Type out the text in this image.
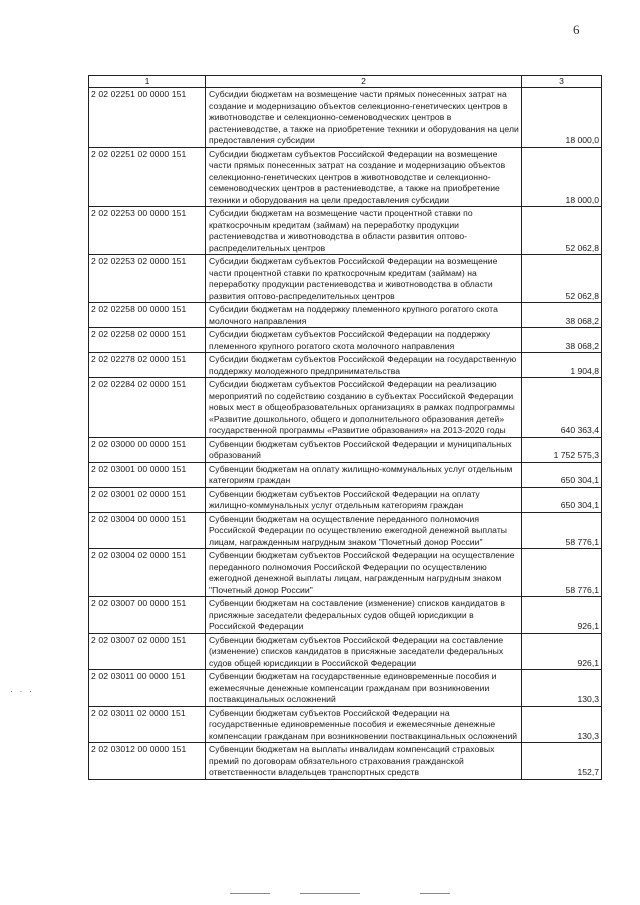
6
1	2	3
2 02 02251 00 0000 151	Субсидии бюджетам на возмещение части прямых понесенных затрат на создание и модернизацию объектов селекционно-генетических центров в животноводстве и селекционно-семеноводческих центров в растениеводстве, а также на приобретение техники и оборудования на цели предоставления субсидии	18 000,0
2 02 02251 02 0000 151	Субсидии бюджетам субъектов Российской Федерации на возмещение части прямых понесенных затрат на создание и модернизацию объектов селекционно-генетических центров в животноводстве и селекционно-семеноводческих центров в растениеводстве, а также на приобретение техники и оборудования на цели предоставления субсидии	18 000,0
2 02 02253 00 0000 151	Субсидии бюджетам на возмещение части процентной ставки по краткосрочным кредитам (займам) на переработку продукции растениеводства и животноводства в области развития оптово-распределительных центров	52 062,8
2 02 02253 02 0000 151	Субсидии бюджетам субъектов Российской Федерации на возмещение части процентной ставки по краткосрочным кредитам (займам) на переработку продукции растениеводства и животноводства в области развития оптово-распределительных центров	52 062,8
2 02 02258 00 0000 151	Субсидии бюджетам на поддержку племенного крупного рогатого скота молочного направления	38 068,2
2 02 02258 02 0000 151	Субсидии бюджетам субъектов Российской Федерации на поддержку племенного крупного рогатого скота молочного направления	38 068,2
2 02 02278 02 0000 151	Субсидии бюджетам субъектов Российской Федерации на государственную поддержку молодежного предпринимательства	1 904,8
2 02 02284 02 0000 151	Субсидии бюджетам субъектов Российской Федерации на реализацию мероприятий по содействию созданию в субъектах Российской Федерации новых мест в общеобразовательных организациях в рамках подпрограммы «Развитие дошкольного, общего и дополнительного образования детей» государственной программы «Развитие образования» на 2013-2020 годы	640 363,4
2 02 03000 00 0000 151	Субвенции бюджетам субъектов Российской Федерации и муниципальных образований	1 752 575,3
2 02 03001 00 0000 151	Субвенции бюджетам на оплату жилищно-коммунальных услуг отдельным категориям граждан	650 304,1
2 02 03001 02 0000 151	Субвенции бюджетам субъектов Российской Федерации на оплату жилищно-коммунальных услуг отдельным категориям граждан	650 304,1
2 02 03004 00 0000 151	Субвенции бюджетам на осуществление переданного полномочия Российской Федерации по осуществлению ежегодной денежной выплаты лицам, награжденным нагрудным знаком "Почетный донор России"	58 776,1
2 02 03004 02 0000 151	Субвенции бюджетам субъектов Российской Федерации на осуществление переданного полномочия Российской Федерации по осуществлению ежегодной денежной выплаты лицам, награжденным нагрудным знаком "Почетный донор России"	58 776,1
2 02 03007 00 0000 151	Субвенции бюджетам на составление (изменение) списков кандидатов в присяжные заседатели федеральных судов общей юрисдикции в Российской Федерации	926,1
2 02 03007 02 0000 151	Субвенции бюджетам субъектов Российской Федерации на составление (изменение) списков кандидатов в присяжные заседатели федеральных судов общей юрисдикции в Российской Федерации	926,1
2 02 03011 00 0000 151	Субвенции бюджетам на государственные единовременные пособия и ежемесячные денежные компенсации гражданам при возникновении поствакцинальных осложнений	130,3
2 02 03011 02 0000 151	Субвенции бюджетам субъектов Российской Федерации на государственные единовременные пособия и ежемесячные денежные компенсации гражданам при возникновении поствакцинальных осложнений	130,3
2 02 03012 00 0000 151	Субвенции бюджетам на выплаты инвалидам компенсаций страховых премий по договорам обязательного страхования гражданской ответственности владельцев транспортных средств	152,7
· · ·
